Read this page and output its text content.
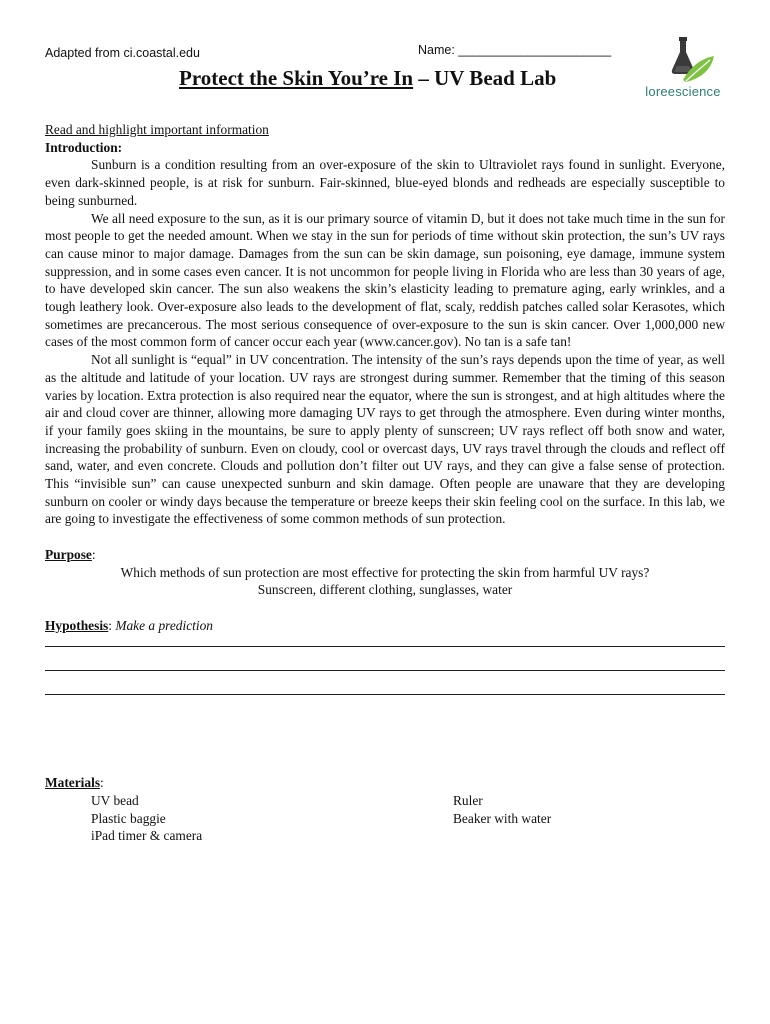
Adapted from ci.coastal.edu	Name: ______________________
Protect the Skin You’re In – UV Bead Lab
loreescience

Read and highlight important information

Introduction:

Sunburn is a condition resulting from an over-exposure of the skin to Ultraviolet rays found in sunlight. Everyone, even dark-skinned people, is at risk for sunburn. Fair-skinned, blue-eyed blonds and redheads are especially susceptible to being sunburned.

We all need exposure to the sun, as it is our primary source of vitamin D, but it does not take much time in the sun for most people to get the needed amount. When we stay in the sun for periods of time without skin protection, the sun’s UV rays can cause minor to major damage. Damages from the sun can be skin damage, sun poisoning, eye damage, immune system suppression, and in some cases even cancer. It is not uncommon for people living in Florida who are less than 30 years of age, to have developed skin cancer. The sun also weakens the skin’s elasticity leading to premature aging, early wrinkles, and a tough leathery look. Over-exposure also leads to the development of flat, scaly, reddish patches called solar Kerasotes, which sometimes are precancerous. The most serious consequence of over-exposure to the sun is skin cancer. Over 1,000,000 new cases of the most common form of cancer occur each year (www.cancer.gov). No tan is a safe tan!

Not all sunlight is “equal” in UV concentration. The intensity of the sun’s rays depends upon the time of year, as well as the altitude and latitude of your location. UV rays are strongest during summer. Remember that the timing of this season varies by location. Extra protection is also required near the equator, where the sun is strongest, and at high altitudes where the air and cloud cover are thinner, allowing more damaging UV rays to get through the atmosphere. Even during winter months, if your family goes skiing in the mountains, be sure to apply plenty of sunscreen; UV rays reflect off both snow and water, increasing the probability of sunburn. Even on cloudy, cool or overcast days, UV rays travel through the clouds and reflect off sand, water, and even concrete. Clouds and pollution don’t filter out UV rays, and they can give a false sense of protection. This “invisible sun” can cause unexpected sunburn and skin damage. Often people are unaware that they are developing sunburn on cooler or windy days because the temperature or breeze keeps their skin feeling cool on the surface. In this lab, we are going to investigate the effectiveness of some common methods of sun protection.

Purpose:

Which methods of sun protection are most effective for protecting the skin from harmful UV rays?

Sunscreen, different clothing, sunglasses, water

Hypothesis: Make a prediction

Materials:

UV bead
Plastic baggie
iPad timer & camera
Ruler
Beaker with water
